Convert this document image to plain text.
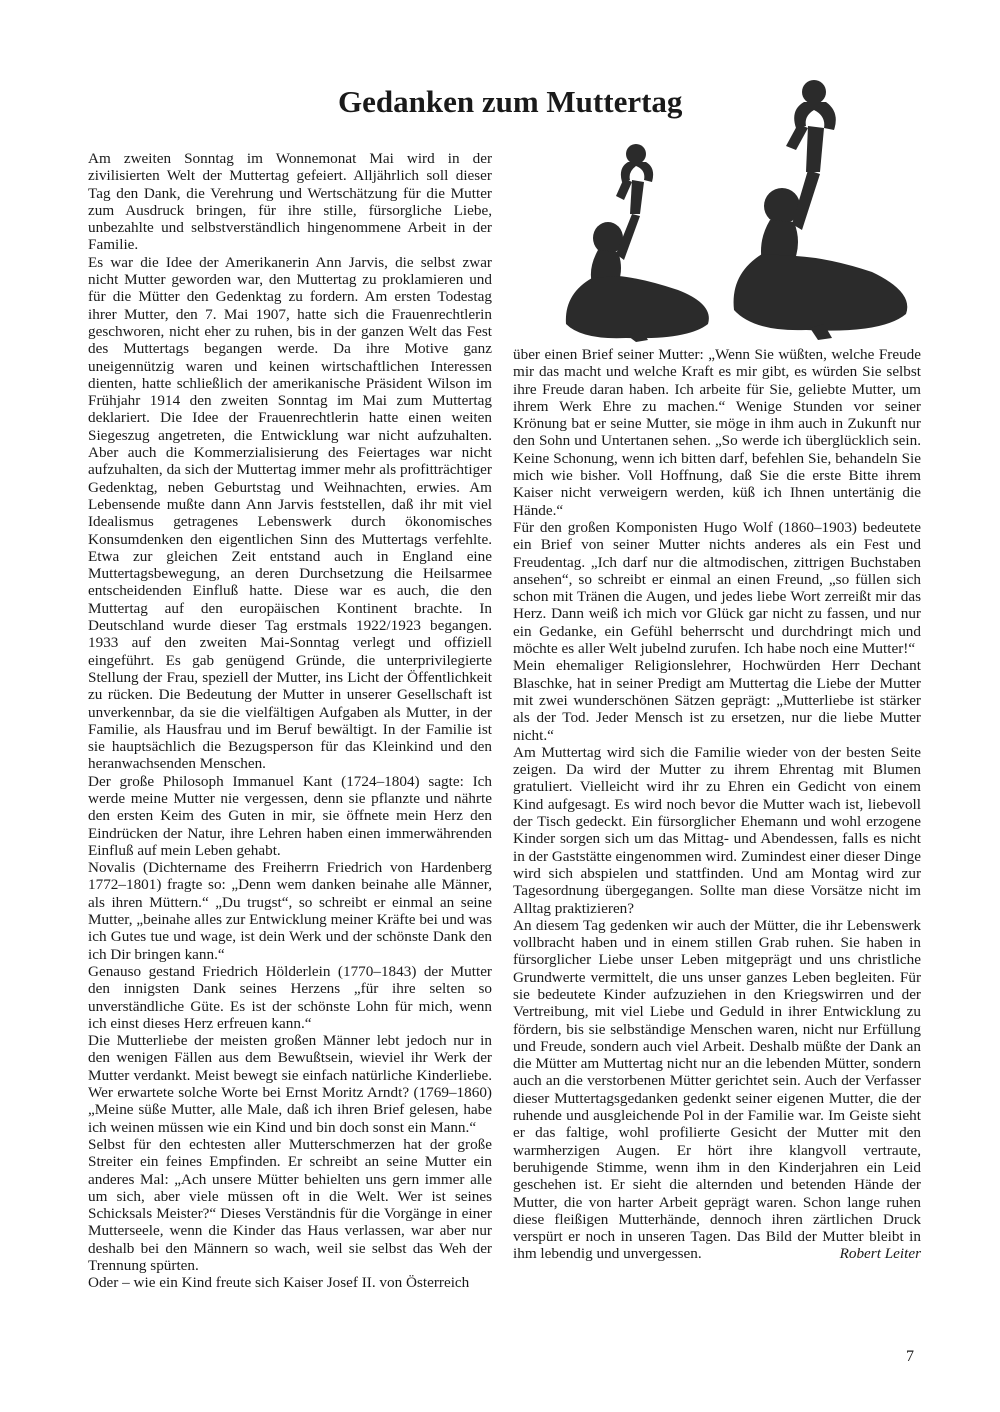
Gedanken zum Muttertag

Am zweiten Sonntag im Wonnemonat Mai wird in der zivilisierten Welt der Muttertag gefeiert. Alljährlich soll dieser Tag den Dank, die Verehrung und Wertschätzung für die Mutter zum Ausdruck bringen, für ihre stille, fürsorgliche Liebe, unbezahlte und selbstverständlich hingenommene Arbeit in der Familie.

Es war die Idee der Amerikanerin Ann Jarvis, die selbst zwar nicht Mutter geworden war, den Muttertag zu proklamieren und für die Mütter den Gedenktag zu fordern. Am ersten Todestag ihrer Mutter, den 7. Mai 1907, hatte sich die Frauenrechtlerin geschworen, nicht eher zu ruhen, bis in der ganzen Welt das Fest des Muttertags begangen werde. Da ihre Motive ganz uneigennützig waren und keinen wirtschaftlichen Interessen dienten, hatte schließlich der amerikanische Präsident Wilson im Frühjahr 1914 den zweiten Sonntag im Mai zum Muttertag deklariert. Die Idee der Frauenrechtlerin hatte einen weiten Siegeszug angetreten, die Entwicklung war nicht aufzuhalten. Aber auch die Kommerzialisierung des Feiertages war nicht aufzuhalten, da sich der Muttertag immer mehr als profitträchtiger Gedenktag, neben Geburtstag und Weihnachten, erwies. Am Lebensende mußte dann Ann Jarvis feststellen, daß ihr mit viel Idealismus getragenes Lebenswerk durch ökonomisches Konsumdenken den eigentlichen Sinn des Muttertags verfehlte. Etwa zur gleichen Zeit entstand auch in England eine Muttertagsbewegung, an deren Durchsetzung die Heilsarmee entscheidenden Einfluß hatte. Diese war es auch, die den Muttertag auf den europäischen Kontinent brachte. In Deutschland wurde dieser Tag erstmals 1922/1923 begangen. 1933 auf den zweiten Mai-Sonntag verlegt und offiziell eingeführt. Es gab genügend Gründe, die unterprivilegierte Stellung der Frau, speziell der Mutter, ins Licht der Öffentlichkeit zu rücken. Die Bedeutung der Mutter in unserer Gesellschaft ist unverkennbar, da sie die vielfältigen Aufgaben als Mutter, in der Familie, als Hausfrau und im Beruf bewältigt. In der Familie ist sie hauptsächlich die Bezugsperson für das Kleinkind und den heranwachsenden Menschen.

Der große Philosoph Immanuel Kant (1724–1804) sagte: Ich werde meine Mutter nie vergessen, denn sie pflanzte und nährte den ersten Keim des Guten in mir, sie öffnete mein Herz den Eindrücken der Natur, ihre Lehren haben einen immerwährenden Einfluß auf mein Leben gehabt.

Novalis (Dichtername des Freiherrn Friedrich von Hardenberg 1772–1801) fragte so: „Denn wem danken beinahe alle Männer, als ihren Müttern.“ „Du trugst“, so schreibt er einmal an seine Mutter, „beinahe alles zur Entwicklung meiner Kräfte bei und was ich Gutes tue und wage, ist dein Werk und der schönste Dank den ich Dir bringen kann.“

Genauso gestand Friedrich Hölderlein (1770–1843) der Mutter den innigsten Dank seines Herzens „für ihre selten so unverständliche Güte. Es ist der schönste Lohn für mich, wenn ich einst dieses Herz erfreuen kann.“

Die Mutterliebe der meisten großen Männer lebt jedoch nur in den wenigen Fällen aus dem Bewußtsein, wieviel ihr Werk der Mutter verdankt. Meist bewegt sie einfach natürliche Kinderliebe. Wer erwartete solche Worte bei Ernst Moritz Arndt? (1769–1860) „Meine süße Mutter, alle Male, daß ich ihren Brief gelesen, habe ich weinen müssen wie ein Kind und bin doch sonst ein Mann.“

Selbst für den echtesten aller Mutterschmerzen hat der große Streiter ein feines Empfinden. Er schreibt an seine Mutter ein anderes Mal: „Ach unsere Mütter behielten uns gern immer alle um sich, aber viele müssen oft in die Welt. Wer ist seines Schicksals Meister?“ Dieses Verständnis für die Vorgänge in einer Mutterseele, wenn die Kinder das Haus verlassen, war aber nur deshalb bei den Männern so wach, weil sie selbst das Weh der Trennung spürten.

Oder – wie ein Kind freute sich Kaiser Josef II. von Österreich

über einen Brief seiner Mutter: „Wenn Sie wüßten, welche Freude mir das macht und welche Kraft es mir gibt, es würden Sie selbst ihre Freude daran haben. Ich arbeite für Sie, geliebte Mutter, um ihrem Werk Ehre zu machen.“ Wenige Stunden vor seiner Krönung bat er seine Mutter, sie möge in ihm auch in Zukunft nur den Sohn und Untertanen sehen. „So werde ich überglücklich sein. Keine Schonung, wenn ich bitten darf, befehlen Sie, behandeln Sie mich wie bisher. Voll Hoffnung, daß Sie die erste Bitte ihrem Kaiser nicht verweigern werden, küß ich Ihnen untertänig die Hände.“

Für den großen Komponisten Hugo Wolf (1860–1903) bedeutete ein Brief von seiner Mutter nichts anderes als ein Fest und Freudentag. „Ich darf nur die altmodischen, zittrigen Buchstaben ansehen“, so schreibt er einmal an einen Freund, „so füllen sich schon mit Tränen die Augen, und jedes liebe Wort zerreißt mir das Herz. Dann weiß ich mich vor Glück gar nicht zu fassen, und nur ein Gedanke, ein Gefühl beherrscht und durchdringt mich und möchte es aller Welt jubelnd zurufen. Ich habe noch eine Mutter!“

Mein ehemaliger Religionslehrer, Hochwürden Herr Dechant Blaschke, hat in seiner Predigt am Muttertag die Liebe der Mutter mit zwei wunderschönen Sätzen geprägt: „Mutterliebe ist stärker als der Tod. Jeder Mensch ist zu ersetzen, nur die liebe Mutter nicht.“

Am Muttertag wird sich die Familie wieder von der besten Seite zeigen. Da wird der Mutter zu ihrem Ehrentag mit Blumen gratuliert. Vielleicht wird ihr zu Ehren ein Gedicht von einem Kind aufgesagt. Es wird noch bevor die Mutter wach ist, liebevoll der Tisch gedeckt. Ein fürsorglicher Ehemann und wohl erzogene Kinder sorgen sich um das Mittag- und Abendessen, falls es nicht in der Gaststätte eingenommen wird. Zumindest einer dieser Dinge wird sich abspielen und stattfinden. Und am Montag wird zur Tagesordnung übergegangen. Sollte man diese Vorsätze nicht im Alltag praktizieren?

An diesem Tag gedenken wir auch der Mütter, die ihr Lebenswerk vollbracht haben und in einem stillen Grab ruhen. Sie haben in fürsorglicher Liebe unser Leben mitgeprägt und uns christliche Grundwerte vermittelt, die uns unser ganzes Leben begleiten. Für sie bedeutete Kinder aufzuziehen in den Kriegswirren und der Vertreibung, mit viel Liebe und Geduld in ihrer Entwicklung zu fördern, bis sie selbständige Menschen waren, nicht nur Erfüllung und Freude, sondern auch viel Arbeit. Deshalb müßte der Dank an die Mütter am Muttertag nicht nur an die lebenden Mütter, sondern auch an die verstorbenen Mütter gerichtet sein. Auch der Verfasser dieser Muttertagsgedanken gedenkt seiner eigenen Mutter, die der ruhende und ausgleichende Pol in der Familie war. Im Geiste sieht er das faltige, wohl profilierte Gesicht der Mutter mit den warmherzigen Augen. Er hört ihre klangvoll vertraute, beruhigende Stimme, wenn ihm in den Kinderjahren ein Leid geschehen ist. Er sieht die alternden und betenden Hände der Mutter, die von harter Arbeit geprägt waren. Schon lange ruhen diese fleißigen Mutterhände, dennoch ihren zärtlichen Druck verspürt er noch in unseren Tagen. Das Bild der Mutter bleibt in ihm lebendig und unvergessen.	Robert Leiter

7
